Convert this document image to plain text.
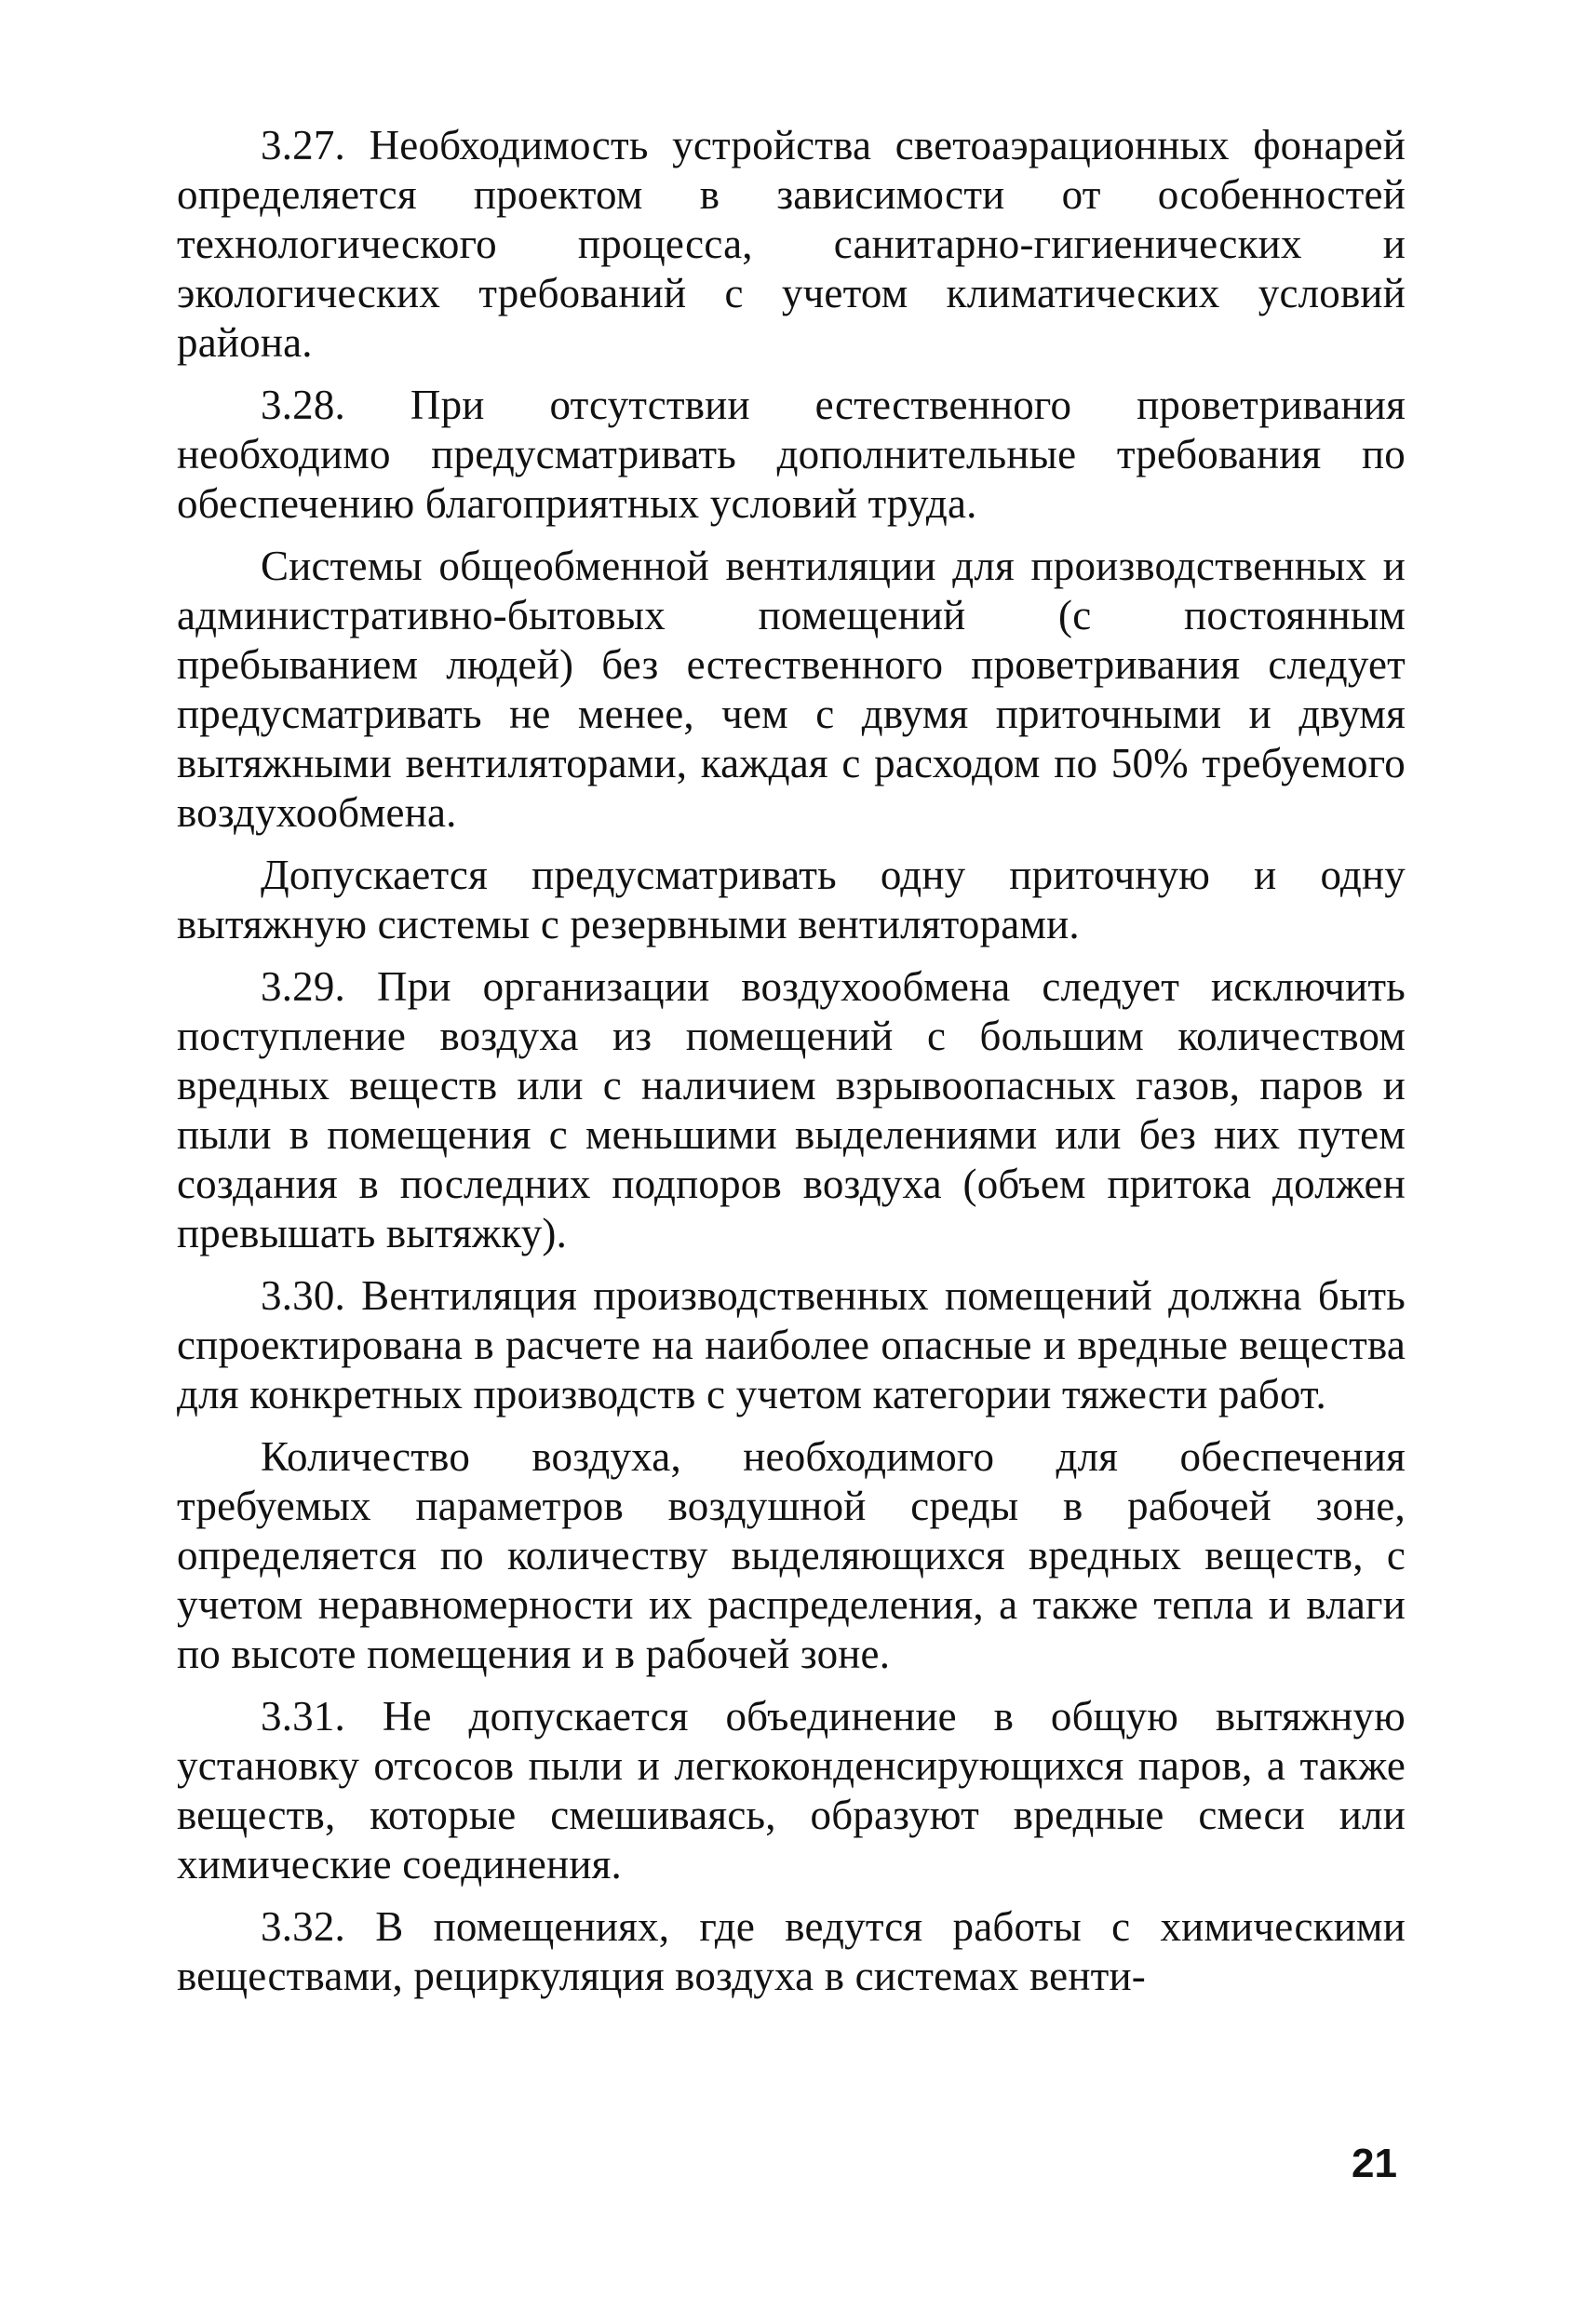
3.27. Необходимость устройства светоаэрационных фонарей определяется проектом в зависимости от особенностей технологического процесса, санитарно-гигиенических и экологических требований с учетом климатических условий района.

3.28. При отсутствии естественного проветривания необходимо предусматривать дополнительные требования по обеспечению благоприятных условий труда.

Системы общеобменной вентиляции для производственных и административно-бытовых помещений (с постоянным пребыванием людей) без естественного проветривания следует предусматривать не менее, чем с двумя приточными и двумя вытяжными вентиляторами, каждая с расходом по 50% требуемого воздухообмена.

Допускается предусматривать одну приточную и одну вытяжную системы с резервными вентиляторами.

3.29. При организации воздухообмена следует исключить поступление воздуха из помещений с большим количеством вредных веществ или с наличием взрывоопасных газов, паров и пыли в помещения с меньшими выделениями или без них путем создания в последних подпоров воздуха (объем притока должен превышать вытяжку).

3.30. Вентиляция производственных помещений должна быть спроектирована в расчете на наиболее опасные и вредные вещества для конкретных производств с учетом категории тяжести работ.

Количество воздуха, необходимого для обеспечения требуемых параметров воздушной среды в рабочей зоне, определяется по количеству выделяющихся вредных веществ, с учетом неравномерности их распределения, а также тепла и влаги по высоте помещения и в рабочей зоне.

3.31. Не допускается объединение в общую вытяжную установку отсосов пыли и легкоконденсирующихся паров, а также веществ, которые смешиваясь, образуют вредные смеси или химические соединения.

3.32. В помещениях, где ведутся работы с химическими веществами, рециркуляция воздуха в системах венти-

21
